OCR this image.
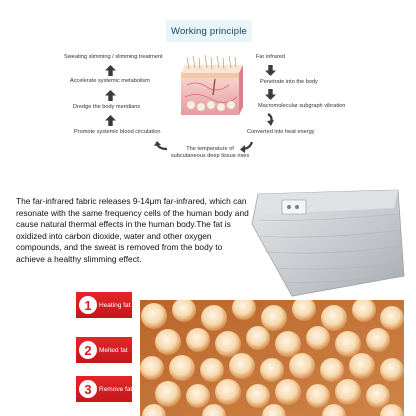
Working principle
Sweating slimming / slimming treatment	Far infrared
Accelerate systemic metabolism	Penetrate into the body
Macromolecular subgraph vibration
Dredge the body meridians
Converted into heat energy
Promote systemic blood circulation
The temperature of
subcutaneous deep tissue rises
The far-infrared fabric releases 9-14μm far-infrared, which can resonate with the same frequency cells of the human body and cause natural thermal effects in the human body.The fat is oxidized into carbon dioxide, water and other oxygen compounds, and the sweat is removed from the body to achieve a healthy slimming effect.
1 Heating fat
2 Melted fat
3 Remove fat
